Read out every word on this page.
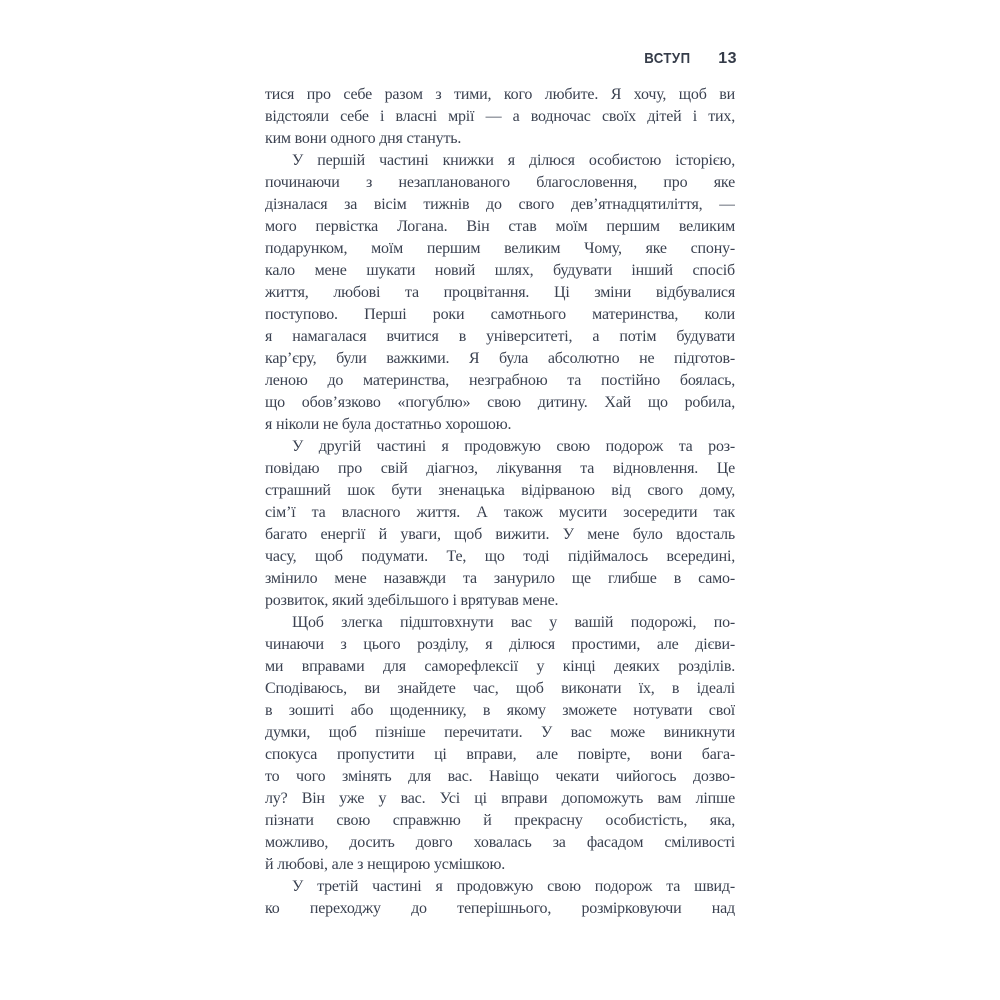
ВСТУП 13
тися про себе разом з тими, кого любите. Я хочу, щоб ви
відстояли себе і власні мрії — а водночас своїх дітей і тих,
ким вони одного дня стануть.
У першій частині книжки я ділюся особистою історією,
починаючи з незапланованого благословення, про яке
дізналася за вісім тижнів до свого дев’ятнадцятиліття, —
мого первістка Логана. Він став моїм першим великим
подарунком, моїм першим великим Чому, яке спону-
кало мене шукати новий шлях, будувати інший спосіб
життя, любові та процвітання. Ці зміни відбувалися
поступово. Перші роки самотнього материнства, коли
я намагалася вчитися в університеті, а потім будувати
кар’єру, були важкими. Я була абсолютно не підготов-
леною до материнства, незграбною та постійно боялась,
що обов’язково «погублю» свою дитину. Хай що робила,
я ніколи не була достатньо хорошою.
У другій частині я продовжую свою подорож та роз-
повідаю про свій діагноз, лікування та відновлення. Це
страшний шок бути зненацька відірваною від свого дому,
сім’ї та власного життя. А також мусити зосередити так
багато енергії й уваги, щоб вижити. У мене було вдосталь
часу, щоб подумати. Те, що тоді підіймалось всередині,
змінило мене назавжди та занурило ще глибше в само-
розвиток, який здебільшого і врятував мене.
Щоб злегка підштовхнути вас у вашій подорожі, по-
чинаючи з цього розділу, я ділюся простими, але дієви-
ми вправами для саморефлексії у кінці деяких розділів.
Сподіваюсь, ви знайдете час, щоб виконати їх, в ідеалі
в зошиті або щоденнику, в якому зможете нотувати свої
думки, щоб пізніше перечитати. У вас може виникнути
спокуса пропустити ці вправи, але повірте, вони бага-
то чого змінять для вас. Навіщо чекати чийогось дозво-
лу? Він уже у вас. Усі ці вправи допоможуть вам ліпше
пізнати свою справжню й прекрасну особистість, яка,
можливо, досить довго ховалась за фасадом сміливості
й любові, але з нещирою усмішкою.
У третій частині я продовжую свою подорож та швид-
ко переходжу до теперішнього, розмірковуючи над
